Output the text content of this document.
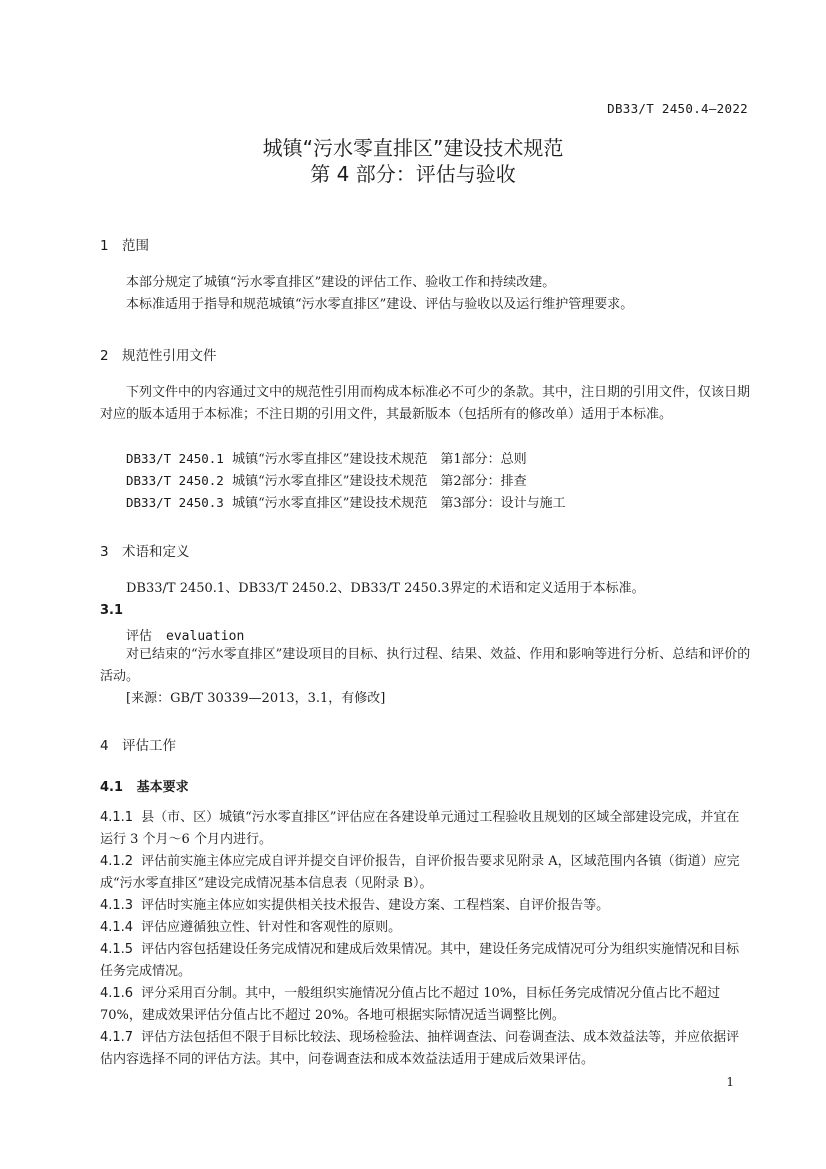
DB33/T 2450.4—2022
城镇“污水零直排区”建设技术规范
第 4 部分：评估与验收
1 范围
本部分规定了城镇“污水零直排区”建设的评估工作、验收工作和持续改建。
本标准适用于指导和规范城镇“污水零直排区”建设、评估与验收以及运行维护管理要求。
2 规范性引用文件
下列文件中的内容通过文中的规范性引用而构成本标准必不可少的条款。其中，注日期的引用文件，仅该日期对应的版本适用于本标准；不注日期的引用文件，其最新版本（包括所有的修改单）适用于本标准。
DB33/T 2450.1 城镇“污水零直排区”建设技术规范　第1部分：总则
DB33/T 2450.2 城镇“污水零直排区”建设技术规范　第2部分：排查
DB33/T 2450.3 城镇“污水零直排区”建设技术规范　第3部分：设计与施工
3 术语和定义
DB33/T 2450.1、DB33/T 2450.2、DB33/T 2450.3界定的术语和定义适用于本标准。
3.1
评估 evaluation
对已结束的“污水零直排区”建设项目的目标、执行过程、结果、效益、作用和影响等进行分析、总结和评价的活动。
[来源：GB/T 30339—2013，3.1，有修改]
4 评估工作
4.1 基本要求
4.1.1 县（市、区）城镇“污水零直排区”评估应在各建设单元通过工程验收且规划的区域全部建设完成，并宜在运行 3 个月～6 个月内进行。
4.1.2 评估前实施主体应完成自评并提交自评价报告，自评价报告要求见附录 A，区域范围内各镇（街道）应完成“污水零直排区”建设完成情况基本信息表（见附录 B）。
4.1.3 评估时实施主体应如实提供相关技术报告、建设方案、工程档案、自评价报告等。
4.1.4 评估应遵循独立性、针对性和客观性的原则。
4.1.5 评估内容包括建设任务完成情况和建成后效果情况。其中，建设任务完成情况可分为组织实施情况和目标任务完成情况。
4.1.6 评分采用百分制。其中，一般组织实施情况分值占比不超过 10%，目标任务完成情况分值占比不超过 70%，建成效果评估分值占比不超过 20%。各地可根据实际情况适当调整比例。
4.1.7 评估方法包括但不限于目标比较法、现场检验法、抽样调查法、问卷调查法、成本效益法等，并应依据评估内容选择不同的评估方法。其中，问卷调查法和成本效益法适用于建成后效果评估。
1
